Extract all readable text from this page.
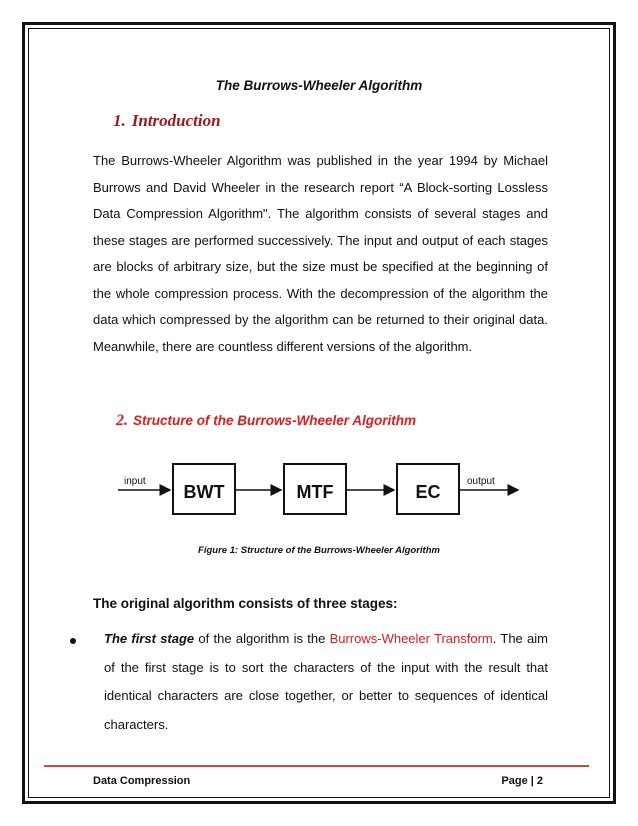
The Burrows-Wheeler Algorithm
1. Introduction
The Burrows-Wheeler Algorithm was published in the year 1994 by Michael Burrows and David Wheeler in the research report “A Block-sorting Lossless Data Compression Algorithm". The algorithm consists of several stages and these stages are performed successively. The input and output of each stages are blocks of arbitrary size, but the size must be specified at the beginning of the whole compression process. With the decompression of the algorithm the data which compressed by the algorithm can be returned to their original data. Meanwhile, there are countless different versions of the algorithm.
2. Structure of the Burrows-Wheeler Algorithm
input
BWT	MTF	EC
output
Figure 1: Structure of the Burrows-Wheeler Algorithm
The original algorithm consists of three stages:
The first stage of the algorithm is the Burrows-Wheeler Transform. The aim of the first stage is to sort the characters of the input with the result that identical characters are close together, or better to sequences of identical characters.
Data Compression	Page | 2
